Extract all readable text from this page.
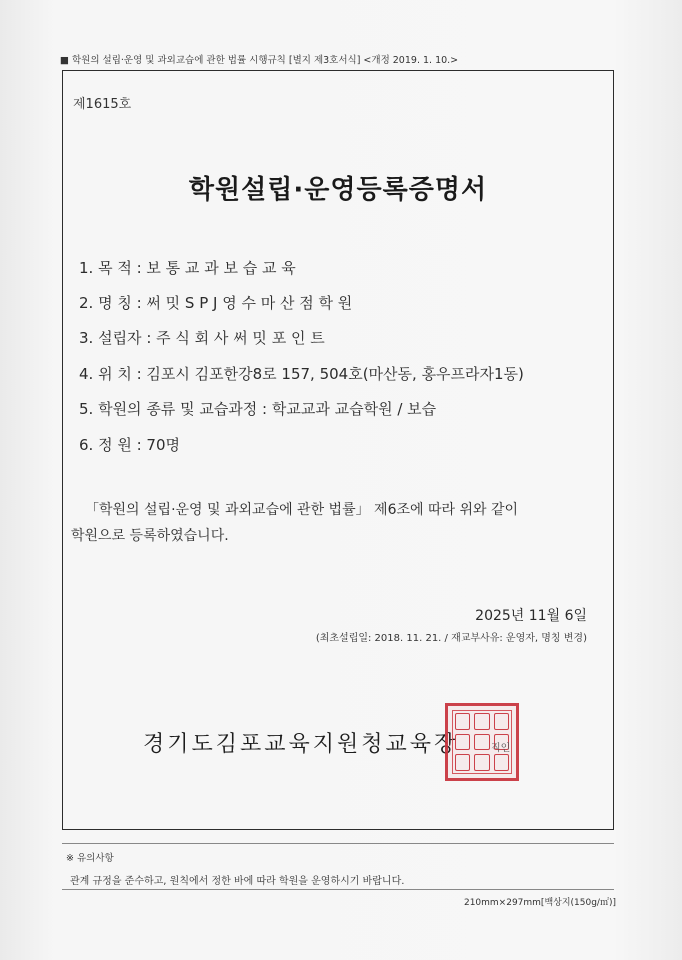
■ 학원의 설립·운영 및 과외교습에 관한 법률 시행규칙 [별지 제3호서식] <개정 2019. 1. 10.>
제1615호
학원설립·운영등록증명서
1. 목 적 : 보 통 교 과 보 습 교 육
2. 명 칭 : 써 밋 S P J 영 수 마 산 점 학 원
3. 설립자 : 주 식 회 사 써 밋 포 인 트
4. 위 치 : 김포시 김포한강8로 157, 504호(마산동, 홍우프라자1동)
5. 학원의 종류 및 교습과정 : 학교교과 교습학원 / 보습
6. 정 원 : 70명
「학원의 설립·운영 및 과외교습에 관한 법률」 제6조에 따라 위와 같이
학원으로 등록하였습니다.
2025년 11월 6일
(최초설립일: 2018. 11. 21. / 재교부사유: 운영자, 명칭 변경)
경기도김포교육지원청교육장	직인
※ 유의사항
관계 규정을 준수하고, 원칙에서 정한 바에 따라 학원을 운영하시기 바랍니다.
210mm×297mm[백상지(150g/㎡)]
